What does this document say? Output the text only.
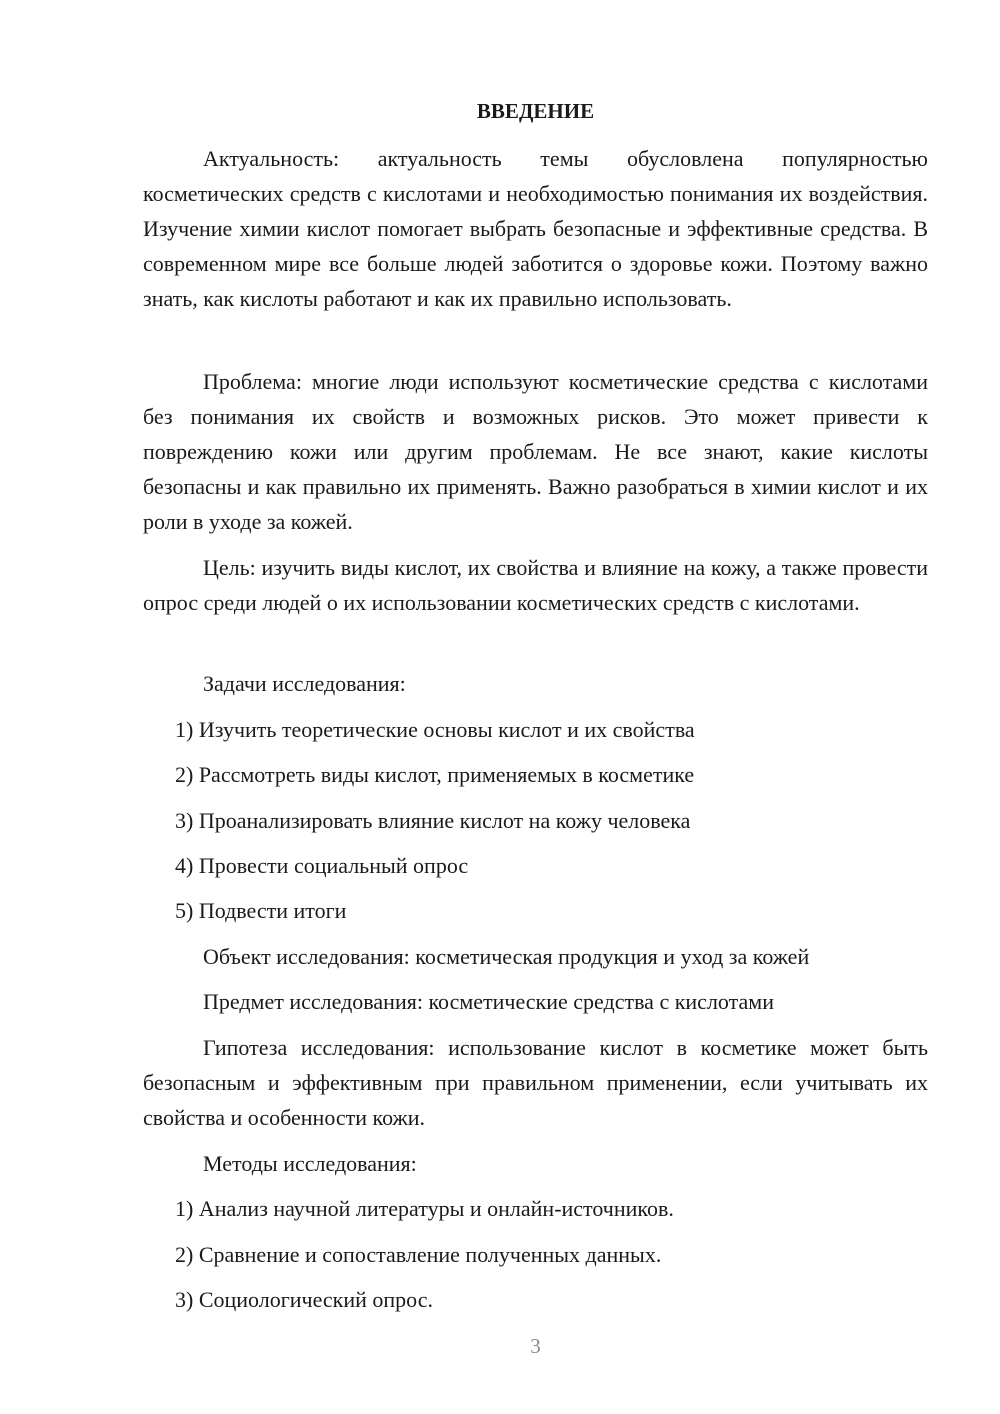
ВВЕДЕНИЕ

Актуальность: актуальность темы обусловлена популярностью косметических средств с кислотами и необходимостью понимания их воздействия. Изучение химии кислот помогает выбрать безопасные и эффективные средства. В современном мире все больше людей заботится о здоровье кожи. Поэтому важно знать, как кислоты работают и как их правильно использовать.

Проблема: многие люди используют косметические средства с кислотами без понимания их свойств и возможных рисков. Это может привести к повреждению кожи или другим проблемам. Не все знают, какие кислоты безопасны и как правильно их применять. Важно разобраться в химии кислот и их роли в уходе за кожей.

Цель: изучить виды кислот, их свойства и влияние на кожу, а также провести опрос среди людей о их использовании косметических средств с кислотами.

Задачи исследования:

1) Изучить теоретические основы кислот и их свойства

2) Рассмотреть виды кислот, применяемых в косметике

3) Проанализировать влияние кислот на кожу человека

4) Провести социальный опрос

5) Подвести итоги

Объект исследования: косметическая продукция и уход за кожей

Предмет исследования: косметические средства с кислотами

Гипотеза исследования: использование кислот в косметике может быть безопасным и эффективным при правильном применении, если учитывать их свойства и особенности кожи.

Методы исследования:

1) Анализ научной литературы и онлайн-источников.

2) Сравнение и сопоставление полученных данных.

3) Социологический опрос.

3
